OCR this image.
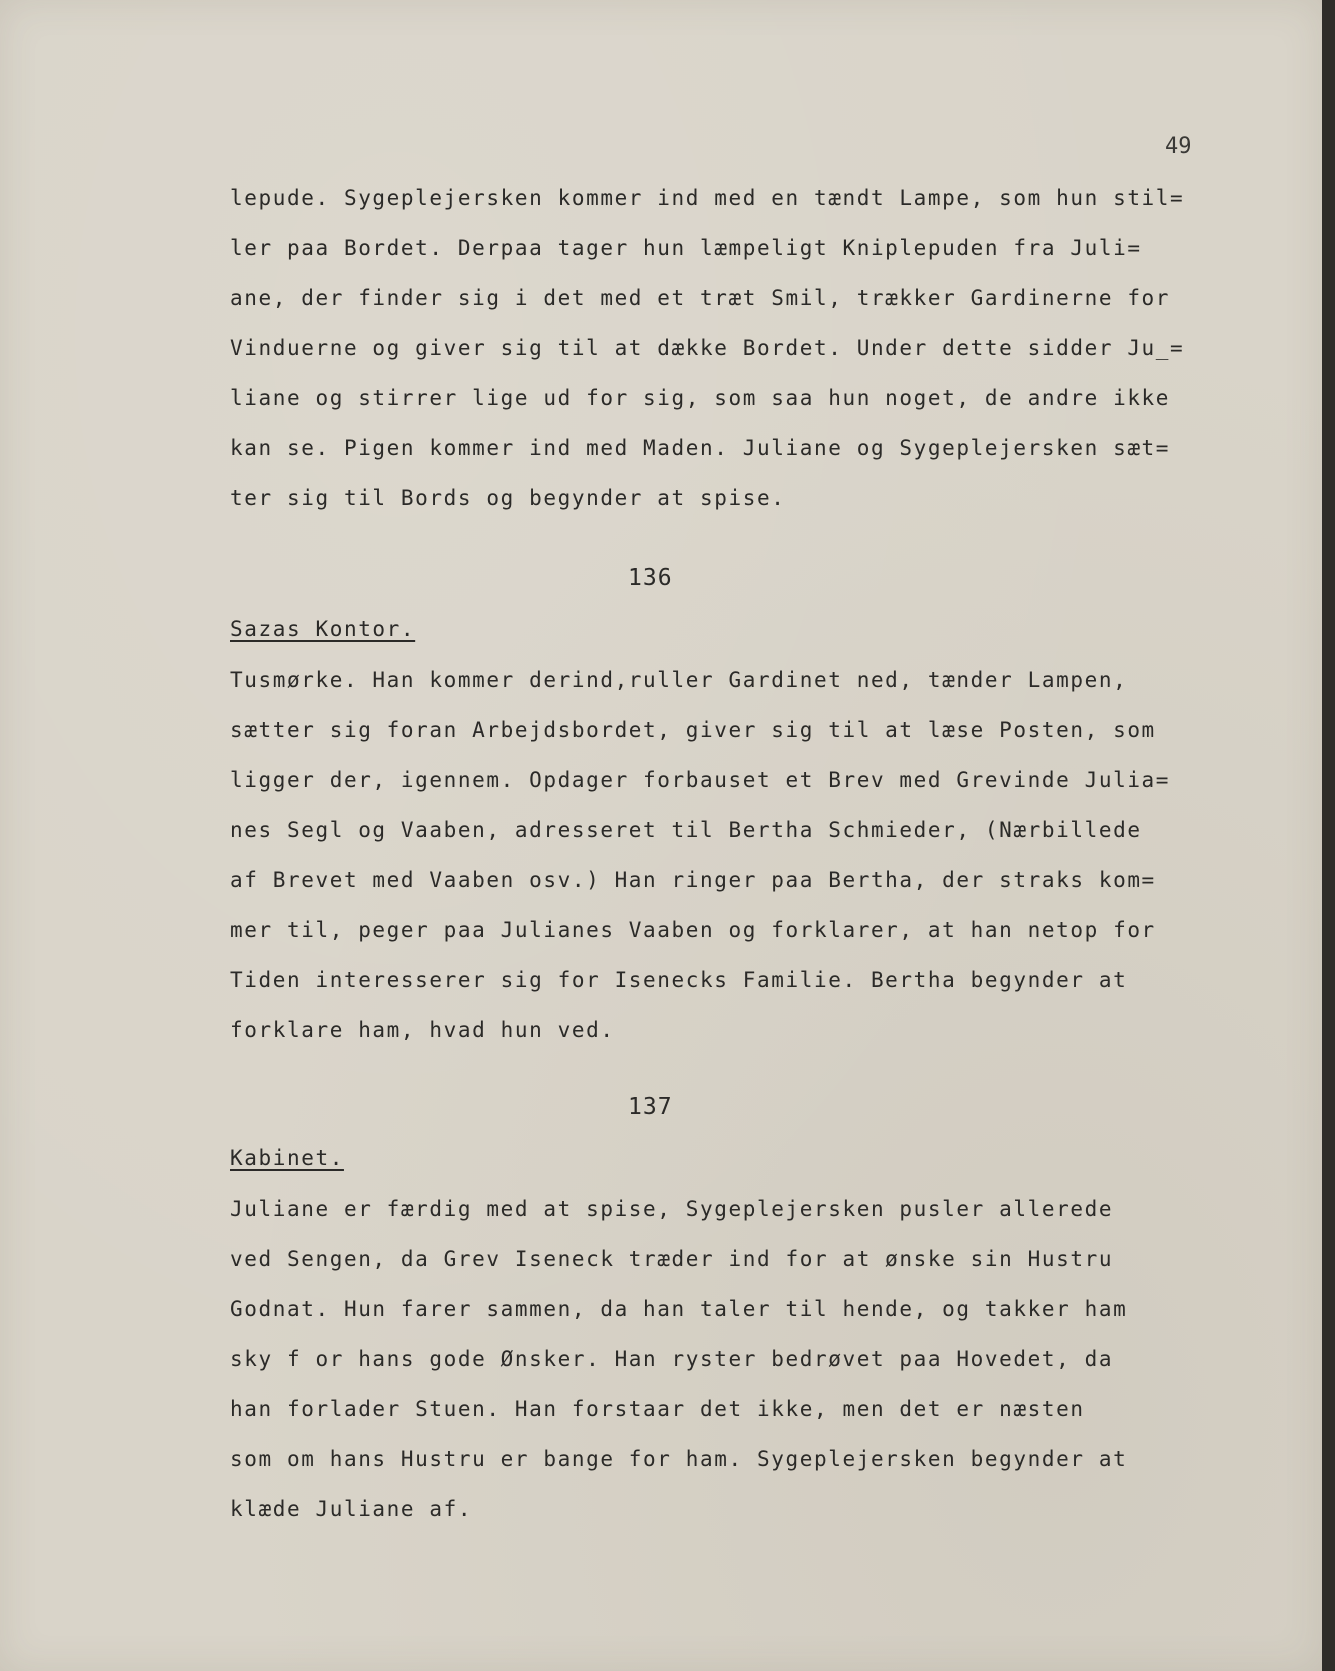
49
lepude. Sygeplejersken kommer ind med en tændt Lampe, som hun stil=
ler paa Bordet. Derpaa tager hun læmpeligt Kniplepuden fra Juli=
ane, der finder sig i det med et træt Smil, trækker Gardinerne for
Vinduerne og giver sig til at dække Bordet. Under dette sidder Ju_=
liane og stirrer lige ud for sig, som saa hun noget, de andre ikke
kan se. Pigen kommer ind med Maden. Juliane og Sygeplejersken sæt=
ter sig til Bords og begynder at spise.
136
Sazas Kontor.
Tusmørke. Han kommer derind,ruller Gardinet ned, tænder Lampen,
sætter sig foran Arbejdsbordet, giver sig til at læse Posten, som
ligger der, igennem. Opdager forbauset et Brev med Grevinde Julia=
nes Segl og Vaaben, adresseret til Bertha Schmieder, (Nærbillede
af Brevet med Vaaben osv.) Han ringer paa Bertha, der straks kom=
mer til, peger paa Julianes Vaaben og forklarer, at han netop for
Tiden interesserer sig for Isenecks Familie. Bertha begynder at
forklare ham, hvad hun ved.
137
Kabinet.
Juliane er færdig med at spise, Sygeplejersken pusler allerede
ved Sengen, da Grev Iseneck træder ind for at ønske sin Hustru
Godnat. Hun farer sammen, da han taler til hende, og takker ham
sky f or hans gode Ønsker. Han ryster bedrøvet paa Hovedet, da
han forlader Stuen. Han forstaar det ikke, men det er næsten
som om hans Hustru er bange for ham. Sygeplejersken begynder at
klæde Juliane af.
